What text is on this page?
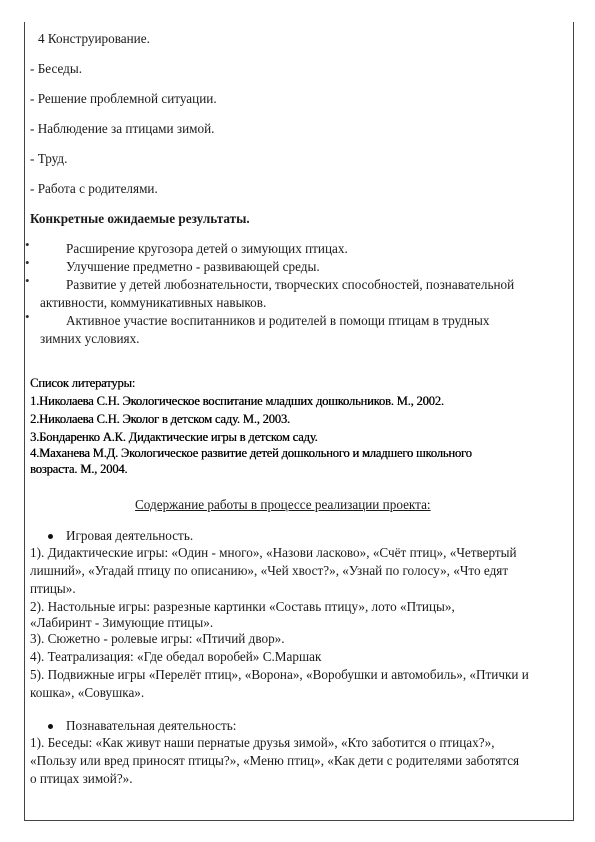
4 Конструирование.
- Беседы.
- Решение проблемной ситуации.
- Наблюдение за птицами зимой.
- Труд.
- Работа с родителями.
Конкретные ожидаемые результаты.
•	Расширение кругозора детей о зимующих птицах.
•	Улучшение предметно - развивающей среды.
•	Развитие у детей любознательности, творческих способностей, познавательной
активности, коммуникативных навыков.
•	Активное участие воспитанников и родителей в помощи птицам в трудных
зимних условиях.
Список литературы:
1.Николаева С.Н. Экологическое воспитание младших дошкольников. М., 2002.
2.Николаева С.Н. Эколог в детском саду. М., 2003.
3.Бондаренко А.К. Дидактические игры в детском саду.
4.Маханева М.Д. Экологическое развитие детей дошкольного и младшего школьного
возраста. М., 2004.
Содержание работы в процессе реализации проекта:
Игровая деятельность.
1). Дидактические игры: «Один - много», «Назови ласково», «Счёт птиц», «Четвертый
лишний», «Угадай птицу по описанию», «Чей хвост?», «Узнай по голосу», «Что едят
птицы».
2). Настольные игры: разрезные картинки «Составь птицу», лото «Птицы»,
«Лабиринт - Зимующие птицы».
3). Сюжетно - ролевые игры: «Птичий двор».
4). Театрализация: «Где обедал воробей» С.Маршак
5). Подвижные игры «Перелёт птиц», «Ворона», «Воробушки и автомобиль», «Птички и
кошка», «Совушка».
Познавательная деятельность:
1). Беседы: «Как живут наши пернатые друзья зимой», «Кто заботится о птицах?»,
«Пользу или вред приносят птицы?», «Меню птиц», «Как дети с родителями заботятся
о птицах зимой?».
